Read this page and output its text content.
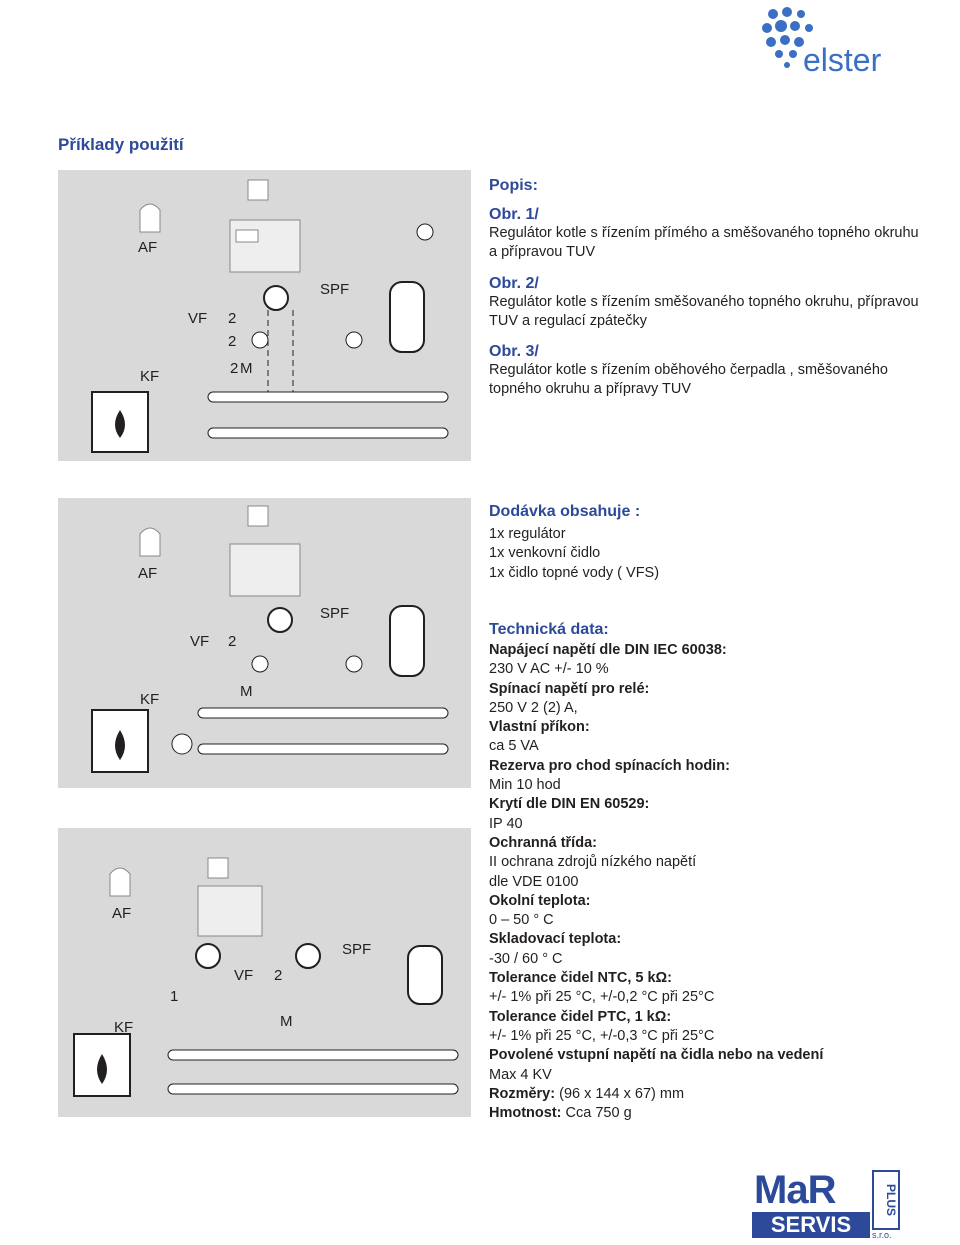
elster
Příklady použití
AF
VF 2
2
2 M
SPF
KF
Popis:
Obr. 1/
Regulátor kotle s řízením přímého a směšovaného topného okruhu a přípravou TUV
Obr. 2/
Regulátor kotle s řízením směšovaného topného okruhu, přípravou TUV a regulací zpátečky
Obr. 3/
Regulátor kotle s řízením oběhového čerpadla , směšovaného topného okruhu a přípravy TUV
AF
VF 2
M
SPF
KF
AF
1
VF 2
M
SPF
KF
Dodávka obsahuje :
1x regulátor
1x venkovní čidlo
1x čidlo topné vody ( VFS)
Technická data:
Napájecí napětí dle DIN IEC 60038:
230 V AC +/- 10 %
Spínací napětí pro relé:
250 V 2 (2) A,
Vlastní příkon:
ca 5 VA
Rezerva pro chod spínacích hodin:
Min 10 hod
Krytí dle DIN EN 60529:
IP 40
Ochranná třída:
II ochrana zdrojů nízkého napětí
dle VDE 0100
Okolní teplota:
0 – 50 ° C
Skladovací teplota:
-30 / 60 ° C
Tolerance čidel NTC, 5 kΩ:
+/- 1% při 25 °C, +/-0,2 °C při 25°C
Tolerance čidel PTC, 1 kΩ:
+/- 1% při 25 °C, +/-0,3 °C při 25°C
Povolené vstupní napětí na čidla nebo na vedení
Max 4 KV
Rozměry: (96 x 144 x 67) mm
Hmotnost: Cca 750 g
MaR
SERVIS
PLUS
s.r.o.
